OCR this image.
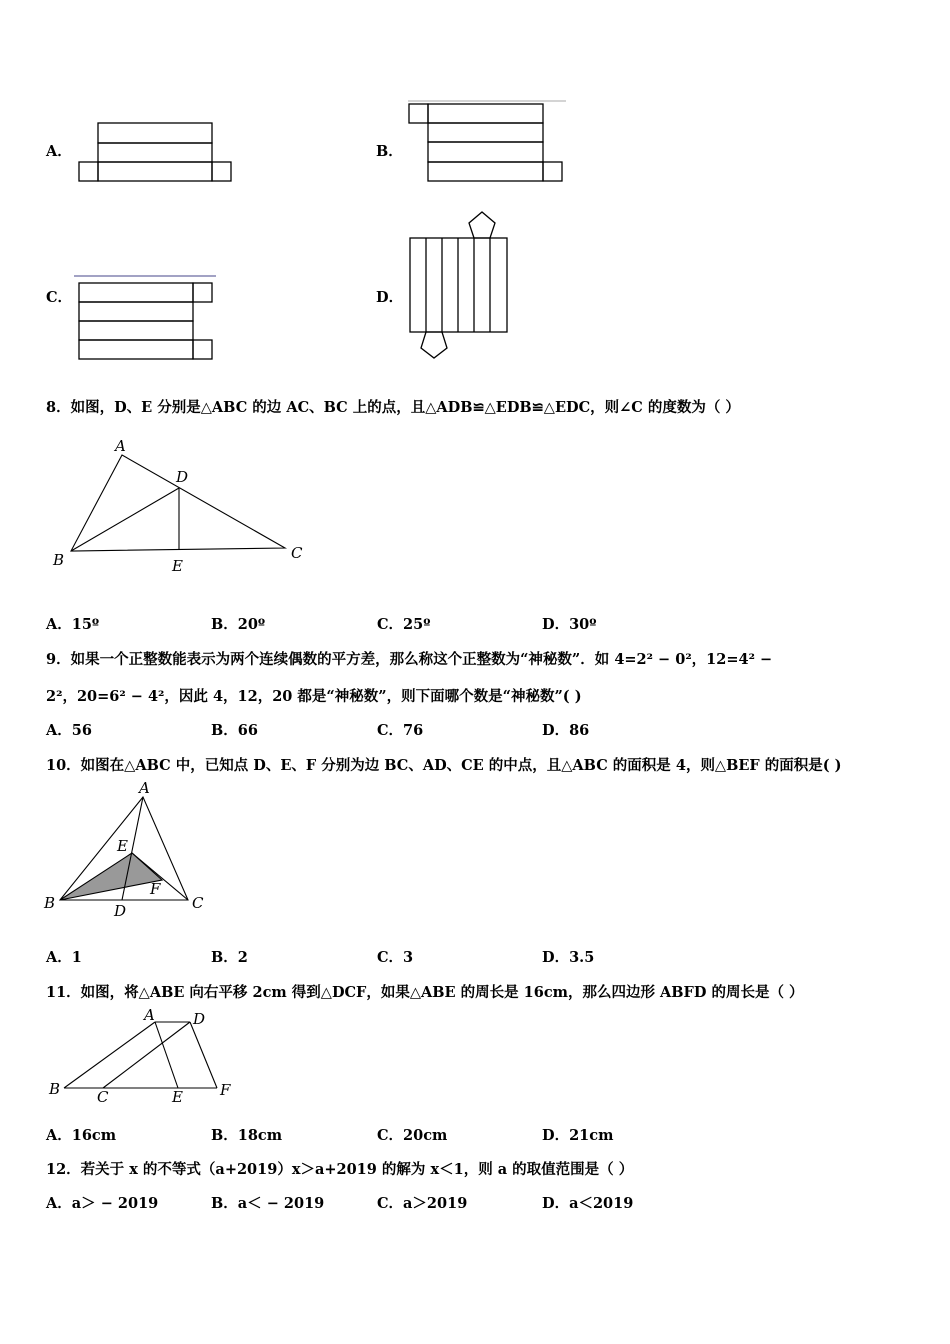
A．	B．
C．	D．
8．如图，D、E 分别是△ABC 的边 AC、BC 上的点，且△ADB≌△EDB≌△EDC，则∠C 的度数为（ ）
A
D
B	E
C
A．15º	B．20º	C．25º	D．30º
9．如果一个正整数能表示为两个连续偶数的平方差，那么称这个正整数为“神秘数”．如 4=2² − 0²，12=4² −
2²，20=6² − 4²，因此 4，12，20 都是“神秘数”，则下面哪个数是“神秘数”( )
A．56	B．66	C．76	D．86
10．如图在△ABC 中，已知点 D、E、F 分别为边 BC、AD、CE 的中点，且△ABC 的面积是 4，则△BEF 的面积是( )
A
E
F
B	D	C
A．1	B．2	C．3	D．3.5
11．如图，将△ABE 向右平移 2cm 得到△DCF，如果△ABE 的周长是 16cm，那么四边形 ABFD 的周长是（ ）
A	D
B C	E F
A．16cm	B．18cm	C．20cm	D．21cm
12．若关于 x 的不等式（a+2019）x＞a+2019 的解为 x＜1，则 a 的取值范围是（ ）
A．a＞ − 2019	B．a＜ − 2019	C．a＞2019	D．a＜2019
